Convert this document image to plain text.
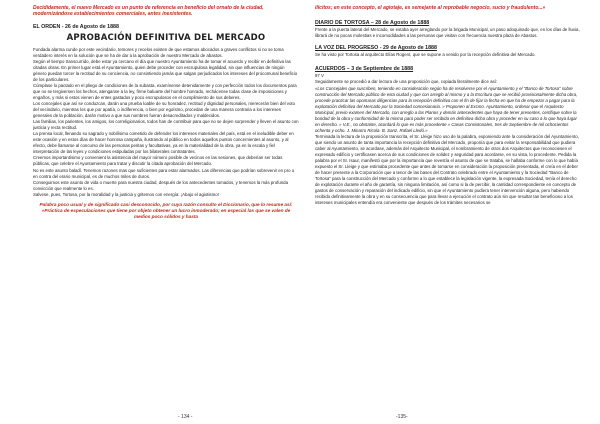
Decididamente, el nuevo Mercado es un punto de referencia en beneficio del ornato de la ciudad, modernizándose establecimientos comerciales, antes inexistentes.

EL ORDEN - 26 de Agosto de 1888
APROBACIÓN DEFINITIVA DEL MERCADO

Fundada alarma cunde por este vecindario, temores y recelos existen de que estamos abocados a graves conflictos si no se toma verdadero interés en la solución que se ha de dar a la aprobación de nuestro Mercado de abastos.

Según el tiempo transcurrido, debe estar ya cercano el día que nuestro Ayuntamiento ha de tomar el acuerdo y recibir en definitiva las citadas obras. En primer lugar está el Ayuntamiento, quien debe proceder con escrupulosa legalidad, sin que influencias de ningún género puedan torcer la rectitud de su conciencia, no consintiendo jamás que salgan perjudicados los intereses del procomunal beneficio de los particulares.

Cúmplase lo pactado en el pliego de condiciones de la subasta, examínense detenidamente y con perfección todos los documentos para que no se tergiversen los hechos, atenganse a la ley, firme baluarte del hombre honrado, rechácense todas clase de imposiciones y engaños, y más si estos vienen de entes gastados y poco escrupulosos en el cumplimiento de sus deberes.

Los concejales que así se conduzcan, darán una prueba loable de su honradez, rectitud y dignidad personales, merecerán bien del voto del vecindario, mientras los que por apatía, o indiferencia, o bien por egoísmo, procedan de una manera contraria a los intereses generales de la población, darán motivo a que sus nombres fueran desacreditados y maldecidos.

Las familias, los parientes, los amigos, los correligionarios, todos han de contribuir para que no se dejen sorprender y lleven el asunto con justicia y recta rectitud.

La prensa local, llenando su sagrado y nobilísimo cometido de defender los intereses materiales del país, está en el ineludible deber en este ocasión y en estos días de hacer honrosa campaña, ilustrando al público en todos aquellos puntos concernientes al asunto, y al efecto, debe llamarse al concurso de las personas peritas y facultativas, ya en la materialidad de la obra, ya en la escala y fiel interpretación de las leyes y condiciones estipuladas por los bilaterales contratantes.

Creemos importantísimo y convenient la asistencia del mayor número posible de vecinos en las sesiones, que deberían ser todas públicas, que celebre el Ayuntamiento para tratar y discutir la citada aprobación del Mercado.

No es este asunto baladí. Tenemos razones mas que suficientes para estar alarmados. Las diferencias que podrían sobrevenir en pro o en contra del erario municipal, es de muchos miles de duros.

Conseguimos este asunto de vida o muerte para nuestra ciudad, después de los antecedentes tomados, y tenemos la más profunda convicción que realmente lo es.

Salvese, pues, Tortosa, por la moralidad y la justicia y gritemos con energía: ¡Abajo el agiotismo!

Palabra poco usual y de significado casi desconocido, por cuya razón consulto el Diccionario, que lo resume así:

«Práctica de especulaciones que tiene por objeto obtener un lucro inmoderado; en especial las que se valen de medios poco sólidos y hasta

ilícitos; en este concepto, el agiotaje, es semejante al reprobable negocio, sucio y fraudulento...»

DIARIO DE TORTOSA – 28 de Agosto de 1888

Frente a la puerta lateral del Mercado, se estaba ayer arreglando por la brigada Municipal, un paso adoquinado que, en los días de lluvia, librará de no pocas molestias e incomodidades a las personas que visitan con frecuencia nuestra plaza de Abastos.

LA VOZ DEL PROGRESO - 29 de Agosto de 1888

Se ha visto por Tortosa al arquitecto Elías Rogent, que se supone a venido por la recepción definitiva del Mercado.

ACUERDOS – 3 de Septiembre de 1888

97 V

Seguidamente se procedió a dar lectura de una proposición que, copiada literalmente dice así:

«Los Concejales que suscriben, teniendo en consideración según ha de resolverse por el Ayuntamiento y el "Banco de Tortosa" sobre construcción del Mercado público de esta ciudad y que con arreglo al mismo y a la Escritura que se recibió provisionalmente dicha obra, procede practicar las oportunas diligencias para la recepción definitiva con el fin de fijar la fecha en que ha de empezar a pagar para la explotación definitiva del Mercado por la Sociedad concesionaria. » Proponen al Excmo. Ayuntamiento, ordenar que el Arquitecto Municipal, previo examen del Mercado, con arreglo a las Planos y demás antecedentes que haya de tener presentes, certifique sobre la bondad de la obra y conformidad de la misma para poder ser recibida en definitiva dicha obra y proceder en su caso a lo que haya lugar en derecho. » V.E., no obstante, acordará lo que es más procedente » Casas Consistoriales, tres de Septiembre de mil ochocientos ochenta y ocho. J. Minarro Ricola. B. Sanz. Rafael Lledó.»

Terminada la lectura de la proposición transcrita, el Sr. Lleige hizo uso de la palabra, exponiendo ante la consideración del Ayuntamiento, que siendo un asunto de tanta importancia la recepción definitiva del Mercado, proponía que para evitar la responsabilidad que pudiera caber al Ayuntamiento, se acordase, además del Arquitecto Municipal, el nombramiento de otros dos Arquitectos que reconociesen el expresado edificio y certificasen acerca de sus condiciones de solidez y seguridad para acordarse, en su vista, lo procedente. Pedida la palabra por el Sr. Isaur, manifestó que por la importancia que revestía el asunto de que se trataba, se hallaba conforme con lo que había expuesto el Sr. Lleige y que estimaba procedente que antes de tomarse en consideración la proposición presentada, el creía en el deber de hacer presente a la Corporación que a tenor de las bases del Contrato celebrado entre el Ayuntamiento y la Sociedad "Banco de Tortosa" para la construcción del Mercado y conforme a lo que establece la legislación vigente, la expresada Sociedad, tenía el derecho de explotación durante el año de garantía, sin ninguna limitación, así como si la de percibir, la cantidad correspondiente en concepto de gastos de conservación y reparación del indicado edificio, sin que el Ayuntamiento pudiera tener intervención alguna, pero habiendo recibido definitivamente la obra y en su consecuencia que para llevar a ejecución el contrato aún sin que resultar tan beneficioso a los intereses municipales entendía era conveniente que después de los trámites necesarios se

- 134 -	-135-
